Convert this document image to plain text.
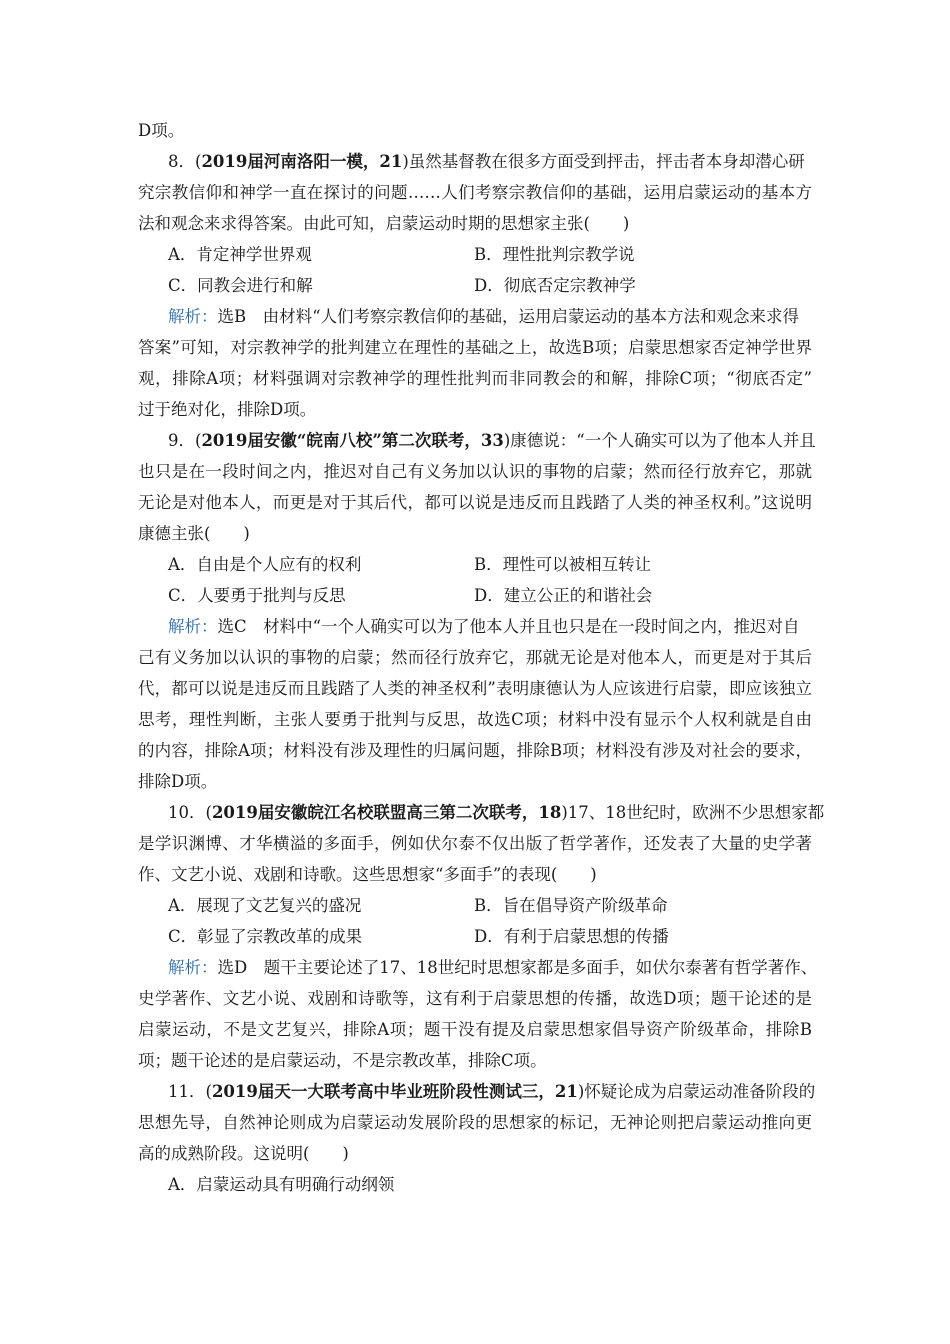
D项。
8．(2019届河南洛阳一模，21)虽然基督教在很多方面受到抨击，抨击者本身却潜心研
究宗教信仰和神学一直在探讨的问题……人们考察宗教信仰的基础，运用启蒙运动的基本方
法和观念来求得答案。由此可知，启蒙运动时期的思想家主张(　　)
A．肯定神学世界观	B．理性批判宗教学说
C．同教会进行和解	D．彻底否定宗教神学
解析：选B　由材料“人们考察宗教信仰的基础，运用启蒙运动的基本方法和观念来求得
答案”可知，对宗教神学的批判建立在理性的基础之上，故选B项；启蒙思想家否定神学世界
观，排除A项；材料强调对宗教神学的理性批判而非同教会的和解，排除C项；“彻底否定”
过于绝对化，排除D项。
9．(2019届安徽“皖南八校”第二次联考，33)康德说：“一个人确实可以为了他本人并且
也只是在一段时间之内，推迟对自己有义务加以认识的事物的启蒙；然而径行放弃它，那就
无论是对他本人，而更是对于其后代，都可以说是违反而且践踏了人类的神圣权利。”这说明
康德主张(　　)
A．自由是个人应有的权利	B．理性可以被相互转让
C．人要勇于批判与反思	D．建立公正的和谐社会
解析：选C　材料中“一个人确实可以为了他本人并且也只是在一段时间之内，推迟对自
己有义务加以认识的事物的启蒙；然而径行放弃它，那就无论是对他本人，而更是对于其后
代，都可以说是违反而且践踏了人类的神圣权利”表明康德认为人应该进行启蒙，即应该独立
思考，理性判断，主张人要勇于批判与反思，故选C项；材料中没有显示个人权利就是自由
的内容，排除A项；材料没有涉及理性的归属问题，排除B项；材料没有涉及对社会的要求，
排除D项。
10．(2019届安徽皖江名校联盟高三第二次联考，18)17、18世纪时，欧洲不少思想家都
是学识渊博、才华横溢的多面手，例如伏尔泰不仅出版了哲学著作，还发表了大量的史学著
作、文艺小说、戏剧和诗歌。这些思想家“多面手”的表现(　　)
A．展现了文艺复兴的盛况	B．旨在倡导资产阶级革命
C．彰显了宗教改革的成果	D．有利于启蒙思想的传播
解析：选D　题干主要论述了17、18世纪时思想家都是多面手，如伏尔泰著有哲学著作、
史学著作、文艺小说、戏剧和诗歌等，这有利于启蒙思想的传播，故选D项；题干论述的是
启蒙运动，不是文艺复兴，排除A项；题干没有提及启蒙思想家倡导资产阶级革命，排除B
项；题干论述的是启蒙运动，不是宗教改革，排除C项。
11．(2019届天一大联考高中毕业班阶段性测试三，21)怀疑论成为启蒙运动准备阶段的
思想先导，自然神论则成为启蒙运动发展阶段的思想家的标记，无神论则把启蒙运动推向更
高的成熟阶段。这说明(　　)
A．启蒙运动具有明确行动纲领
